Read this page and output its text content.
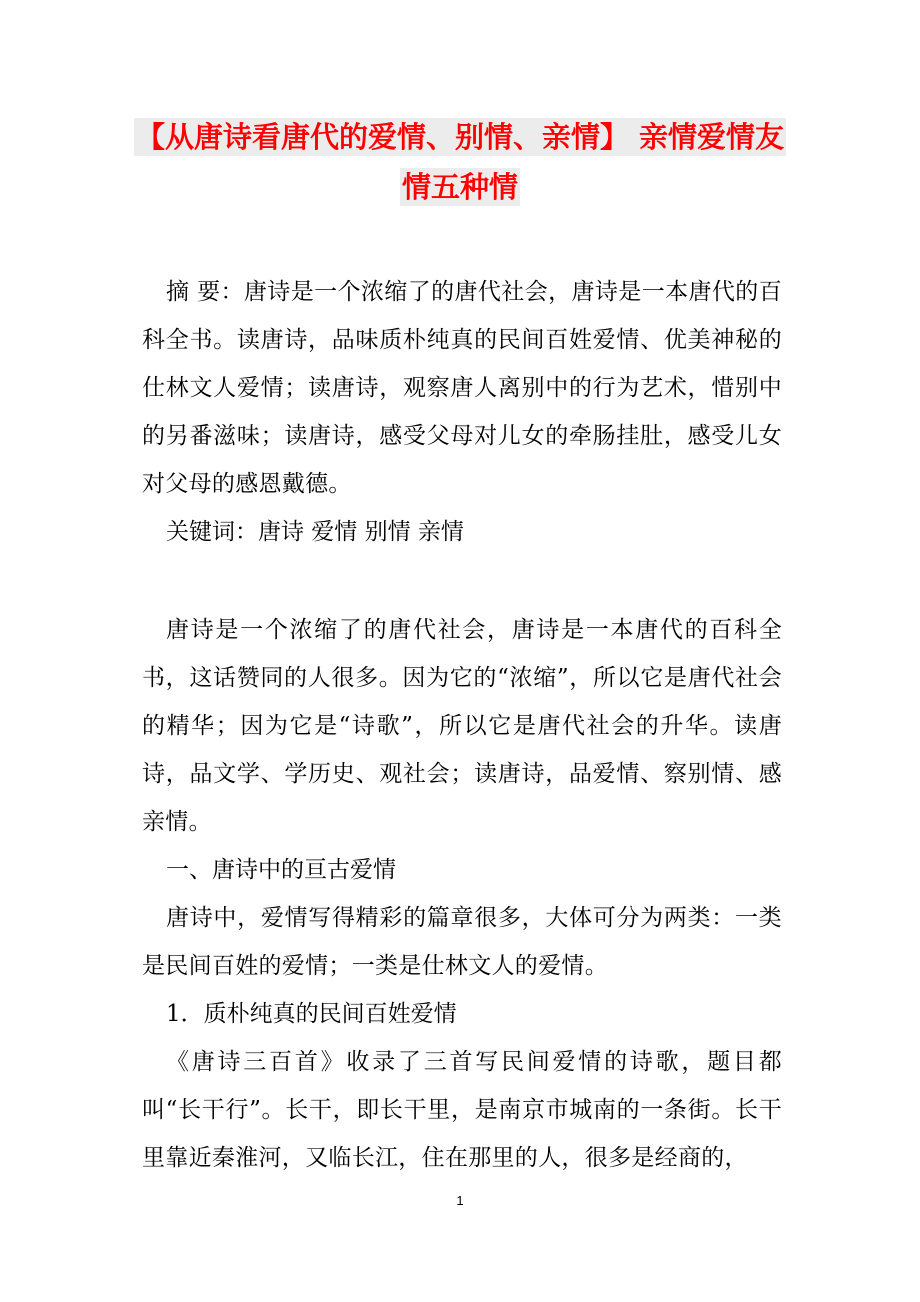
【从唐诗看唐代的爱情、别情、亲情】 亲情爱情友
情五种情

摘 要：唐诗是一个浓缩了的唐代社会，唐诗是一本唐代的百科全书。读唐诗，品味质朴纯真的民间百姓爱情、优美神秘的仕林文人爱情；读唐诗，观察唐人离别中的行为艺术，惜别中的另番滋味；读唐诗，感受父母对儿女的牵肠挂肚，感受儿女对父母的感恩戴德。

关键词：唐诗 爱情 别情 亲情

唐诗是一个浓缩了的唐代社会，唐诗是一本唐代的百科全书，这话赞同的人很多。因为它的“浓缩”，所以它是唐代社会的精华；因为它是“诗歌”，所以它是唐代社会的升华。读唐诗，品文学、学历史、观社会；读唐诗，品爱情、察别情、感亲情。

一、唐诗中的亘古爱情

唐诗中，爱情写得精彩的篇章很多，大体可分为两类：一类是民间百姓的爱情；一类是仕林文人的爱情。

1．质朴纯真的民间百姓爱情

《唐诗三百首》收录了三首写民间爱情的诗歌，题目都叫“长干行”。长干，即长干里，是南京市城南的一条街。长干里靠近秦淮河，又临长江，住在那里的人，很多是经商的，

1
